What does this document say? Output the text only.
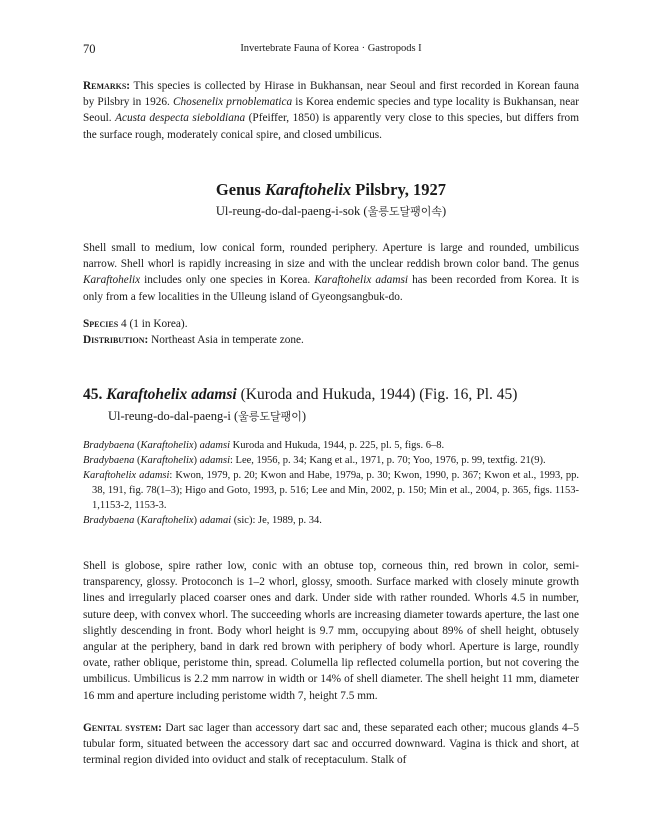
70	Invertebrate Fauna of Korea · Gastropods I

Remarks: This species is collected by Hirase in Bukhansan, near Seoul and first recorded in Korean fauna by Pilsbry in 1926. Chosenelix prnoblematica is Korea endemic species and type locality is Bukhansan, near Seoul. Acusta despecta sieboldiana (Pfeiffer, 1850) is apparently very close to this species, but differs from the surface rough, moderately conical spire, and closed umbilicus.

Genus Karaftohelix Pilsbry, 1927
Ul-reung-do-dal-paeng-i-sok (울릉도달팽이속)

Shell small to medium, low conical form, rounded periphery. Aperture is large and rounded, umbilicus narrow. Shell whorl is rapidly increasing in size and with the unclear reddish brown color band. The genus Karaftohelix includes only one species in Korea. Karaftohelix adamsi has been recorded from Korea. It is only from a few localities in the Ulleung island of Gyeongsangbuk-do.

Species 4 (1 in Korea).
Distribution: Northeast Asia in temperate zone.
45. Karaftohelix adamsi (Kuroda and Hukuda, 1944) (Fig. 16, Pl. 45)
Ul-reung-do-dal-paeng-i (울릉도달팽이)

Bradybaena (Karaftohelix) adamsi Kuroda and Hukuda, 1944, p. 225, pl. 5, figs. 6–8.

Bradybaena (Karaftohelix) adamsi: Lee, 1956, p. 34; Kang et al., 1971, p. 70; Yoo, 1976, p. 99, textfig. 21(9).

Karaftohelix adamsi: Kwon, 1979, p. 20; Kwon and Habe, 1979a, p. 30; Kwon, 1990, p. 367; Kwon et al., 1993, pp. 38, 191, fig. 78(1–3); Higo and Goto, 1993, p. 516; Lee and Min, 2002, p. 150; Min et al., 2004, p. 365, figs. 1153-1,1153-2, 1153-3.

Bradybaena (Karaftohelix) adamai (sic): Je, 1989, p. 34.

Shell is globose, spire rather low, conic with an obtuse top, corneous thin, red brown in color, semi-transparency, glossy. Protoconch is 1–2 whorl, glossy, smooth. Surface marked with closely minute growth lines and irregularly placed coarser ones and dark. Under side with rather rounded. Whorls 4.5 in number, suture deep, with convex whorl. The succeeding whorls are increasing diameter towards aperture, the last one slightly descending in front. Body whorl height is 9.7 mm, occupying about 89% of shell height, obtusely angular at the periphery, band in dark red brown with periphery of body whorl. Aperture is large, roundly ovate, rather oblique, peristome thin, spread. Columella lip reflected columella portion, but not covering the umbilicus. Umbilicus is 2.2 mm narrow in width or 14% of shell diameter. The shell height 11 mm, diameter 16 mm and aperture including peristome width 7, height 7.5 mm.

Genital system: Dart sac lager than accessory dart sac and, these separated each other; mucous glands 4–5 tubular form, situated between the accessory dart sac and occurred downward. Vagina is thick and short, at terminal region divided into oviduct and stalk of receptaculum. Stalk of
